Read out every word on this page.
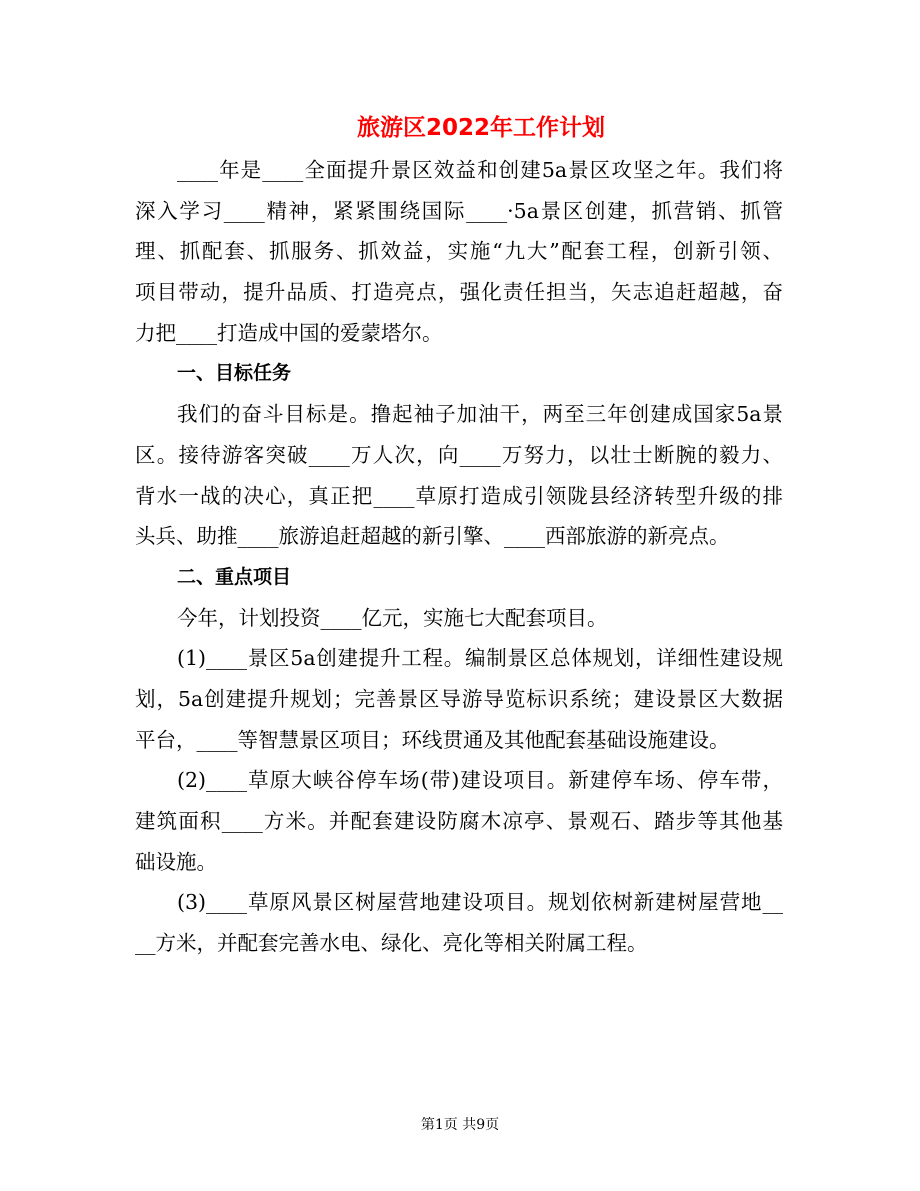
旅游区2022年工作计划
____年是____全面提升景区效益和创建5a景区攻坚之年。我们将
深入学习____精神，紧紧围绕国际____·5a景区创建，抓营销、抓管
理、抓配套、抓服务、抓效益，实施“九大”配套工程，创新引领、
项目带动，提升品质、打造亮点，强化责任担当，矢志追赶超越，奋
力把____打造成中国的爱蒙塔尔。
一、目标任务
我们的奋斗目标是。撸起袖子加油干，两至三年创建成国家5a景
区。接待游客突破____万人次，向____万努力，以壮士断腕的毅力、
背水一战的决心，真正把____草原打造成引领陇县经济转型升级的排
头兵、助推____旅游追赶超越的新引擎、____西部旅游的新亮点。
二、重点项目
今年，计划投资____亿元，实施七大配套项目。
(1)____景区5a创建提升工程。编制景区总体规划，详细性建设规
划，5a创建提升规划；完善景区导游导览标识系统；建设景区大数据
平台，____等智慧景区项目；环线贯通及其他配套基础设施建设。
(2)____草原大峡谷停车场(带)建设项目。新建停车场、停车带，
建筑面积____方米。并配套建设防腐木凉亭、景观石、踏步等其他基
础设施。
(3)____草原风景区树屋营地建设项目。规划依树新建树屋营地__
__方米，并配套完善水电、绿化、亮化等相关附属工程。
第1页 共9页
